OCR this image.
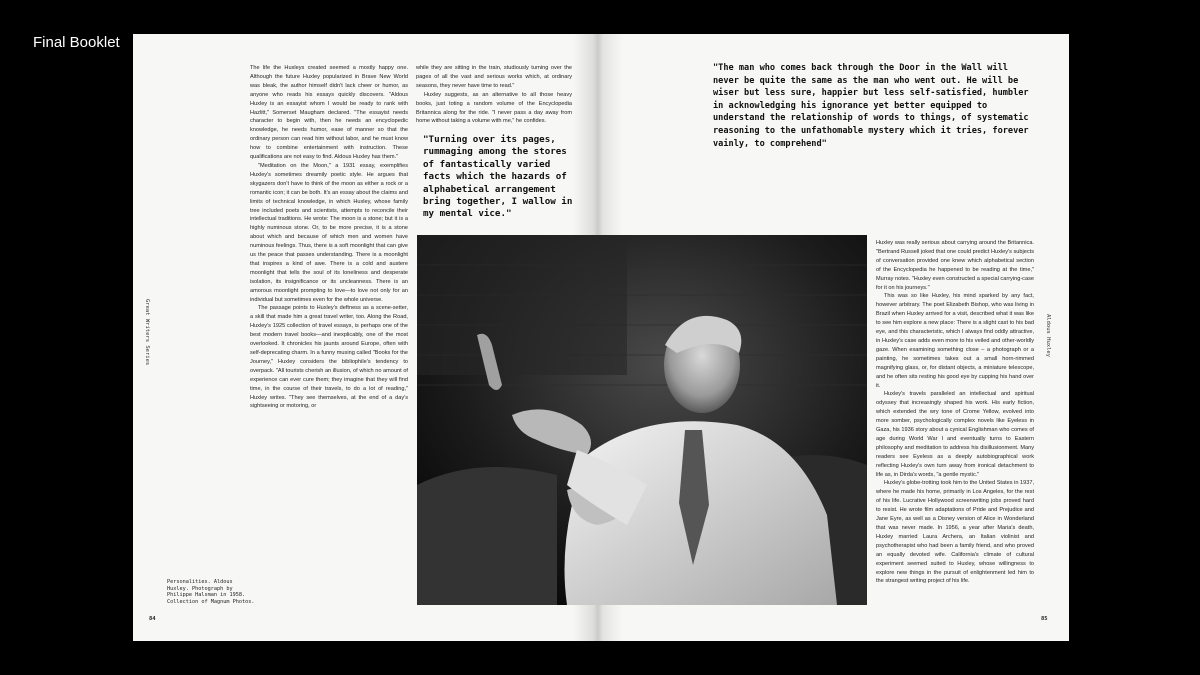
Final Booklet
Great Writers Series

The life the Huxleys created seemed a mostly happy one. Although the future Huxley popularized in Brave New World was bleak, the author himself didn't lack cheer or humor, as anyone who reads his essays quickly discovers. "Aldous Huxley is an essayist whom I would be ready to rank with Hazlitt," Somerset Maugham declared. "The essayist needs character to begin with, then he needs an encyclopedic knowledge, he needs humor, ease of manner so that the ordinary person can read him without labor, and he must know how to combine entertainment with instruction. These qualifications are not easy to find. Aldous Huxley has them."

"Meditation on the Moon," a 1931 essay, exemplifies Huxley's sometimes dreamily poetic style. He argues that skygazers don't have to think of the moon as either a rock or a romantic icon; it can be both. It's an essay about the claims and limits of technical knowledge, in which Huxley, whose family tree included poets and scientists, attempts to reconcile their intellectual traditions. He wrote: The moon is a stone; but it is a highly numinous stone. Or, to be more precise, it is a stone about which and because of which men and women have numinous feelings. Thus, there is a soft moonlight that can give us the peace that passes understanding. There is a moonlight that inspires a kind of awe. There is a cold and austere moonlight that tells the soul of its loneliness and desperate isolation, its insignificance or its uncleanness. There is an amorous moonlight prompting to love—to love not only for an individual but sometimes even for the whole universe.

The passage points to Huxley's deftness as a scene-setter, a skill that made him a great travel writer, too. Along the Road, Huxley's 1925 collection of travel essays, is perhaps one of the best modern travel books—and inexplicably, one of the most overlooked. It chronicles his jaunts around Europe, often with self-deprecating charm. In a funny musing called "Books for the Journey," Huxley considers the bibliophile's tendency to overpack. "All tourists cherish an illusion, of which no amount of experience can ever cure them; they imagine that they will find time, in the course of their travels, to do a lot of reading," Huxley writes. "They see themselves, at the end of a day's sightseeing or motoring, or

while they are sitting in the train, studiously turning over the pages of all the vast and serious works which, at ordinary seasons, they never have time to read."

Huxley suggests, as an alternative to all those heavy books, just toting a random volume of the Encyclopedia Britannica along for the ride. "I never pass a day away from home without taking a volume with me," he confides.

"Turning over its pages, rummaging among the stores of fantastically varied facts which the hazards of alphabetical arrangement bring together, I wallow in my mental vice."
Personalities. Aldous Huxley. Photograph by Philippe Halsman in 1958. Collection of Magnum Photos.
84
"The man who comes back through the Door in the Wall will never be quite the same as the man who went out. He will be wiser but less sure, happier but less self-satisfied, humbler in acknowledging his ignorance yet better equipped to understand the relationship of words to things, of systematic reasoning to the unfathomable mystery which it tries, forever vainly, to comprehend"

Huxley was really serious about carrying around the Britannica. "Bertrand Russell joked that one could predict Huxley's subjects of conversation provided one knew which alphabetical section of the Encyclopedia he happened to be reading at the time," Murray notes. "Huxley even constructed a special carrying-case for it on his journeys."

This was so like Huxley, his mind sparked by any fact, however arbitrary. The poet Elizabeth Bishop, who was living in Brazil when Huxley arrived for a visit, described what it was like to see him explore a new place: There is a slight cast to his bad eye, and this characteristic, which I always find oddly attractive, in Huxley's case adds even more to his veiled and other-worldly gaze. When examining something close – a photograph or a painting, he sometimes takes out a small horn-rimmed magnifying glass, or, for distant objects, a miniature telescope, and he often sits resting his good eye by cupping his hand over it.

Huxley's travels paralleled an intellectual and spiritual odyssey that increasingly shaped his work. His early fiction, which extended the wry tone of Crome Yellow, evolved into more somber, psychologically complex novels like Eyeless in Gaza, his 1936 story about a cynical Englishman who comes of age during World War I and eventually turns to Eastern philosophy and meditation to address his disillusionment. Many readers see Eyeless as a deeply autobiographical work reflecting Huxley's own turn away from ironical detachment to life as, in Dirda's words, "a gentle mystic."

Huxley's globe-trotting took him to the United States in 1937, where he made his home, primarily in Los Angeles, for the rest of his life. Lucrative Hollywood screenwriting jobs proved hard to resist. He wrote film adaptations of Pride and Prejudice and Jane Eyre, as well as a Disney version of Alice in Wonderland that was never made. In 1956, a year after Maria's death, Huxley married Laura Archera, an Italian violinist and psychotherapist who had been a family friend, and who proved an equally devoted wife. California's climate of cultural experiment seemed suited to Huxley, whose willingness to explore new things in the pursuit of enlightenment led him to the strangest writing project of his life.

Aldous Huxley
85
